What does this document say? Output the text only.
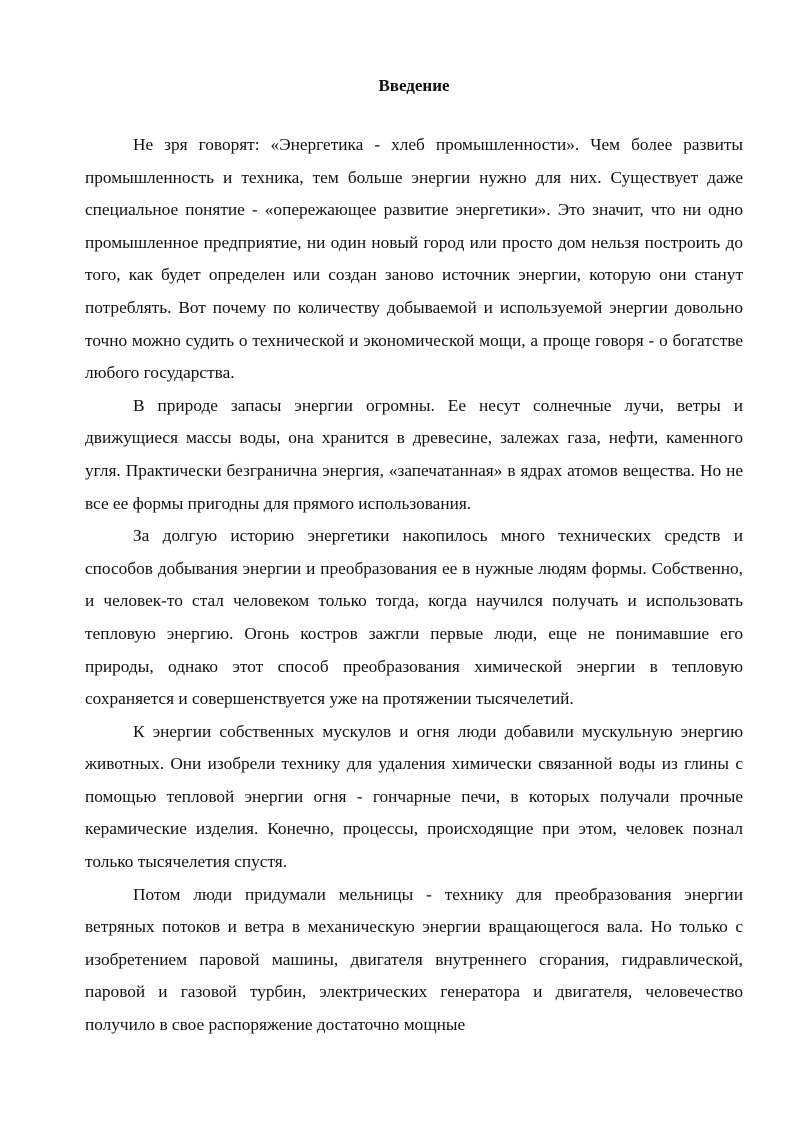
Введение

Не зря говорят: «Энергетика - хлеб промышленности». Чем более развиты промышленность и техника, тем больше энергии нужно для них. Существует даже специальное понятие - «опережающее развитие энергетики». Это значит, что ни одно промышленное предприятие, ни один новый город или просто дом нельзя построить до того, как будет определен или создан заново источник энергии, которую они станут потреблять. Вот почему по количеству добываемой и используемой энергии довольно точно можно судить о технической и экономической мощи, а проще говоря - о богатстве любого государства.

В природе запасы энергии огромны. Ее несут солнечные лучи, ветры и движущиеся массы воды, она хранится в древесине, залежах газа, нефти, каменного угля. Практически безгранична энергия, «запечатанная» в ядрах атомов вещества. Но не все ее формы пригодны для прямого использования.

За долгую историю энергетики накопилось много технических средств и способов добывания энергии и преобразования ее в нужные людям формы. Собственно, и человек-то стал человеком только тогда, когда научился получать и использовать тепловую энергию. Огонь костров зажгли первые люди, еще не понимавшие его природы, однако этот способ преобразования химической энергии в тепловую сохраняется и совершенствуется уже на протяжении тысячелетий.

К энергии собственных мускулов и огня люди добавили мускульную энергию животных. Они изобрели технику для удаления химически связанной воды из глины с помощью тепловой энергии огня - гончарные печи, в которых получали прочные керамические изделия. Конечно, процессы, происходящие при этом, человек познал только тысячелетия спустя.

Потом люди придумали мельницы - технику для преобразования энергии ветряных потоков и ветра в механическую энергии вращающегося вала. Но только с изобретением паровой машины, двигателя внутреннего сгорания, гидравлической, паровой и газовой турбин, электрических генератора и двигателя, человечество получило в свое распоряжение достаточно мощные
